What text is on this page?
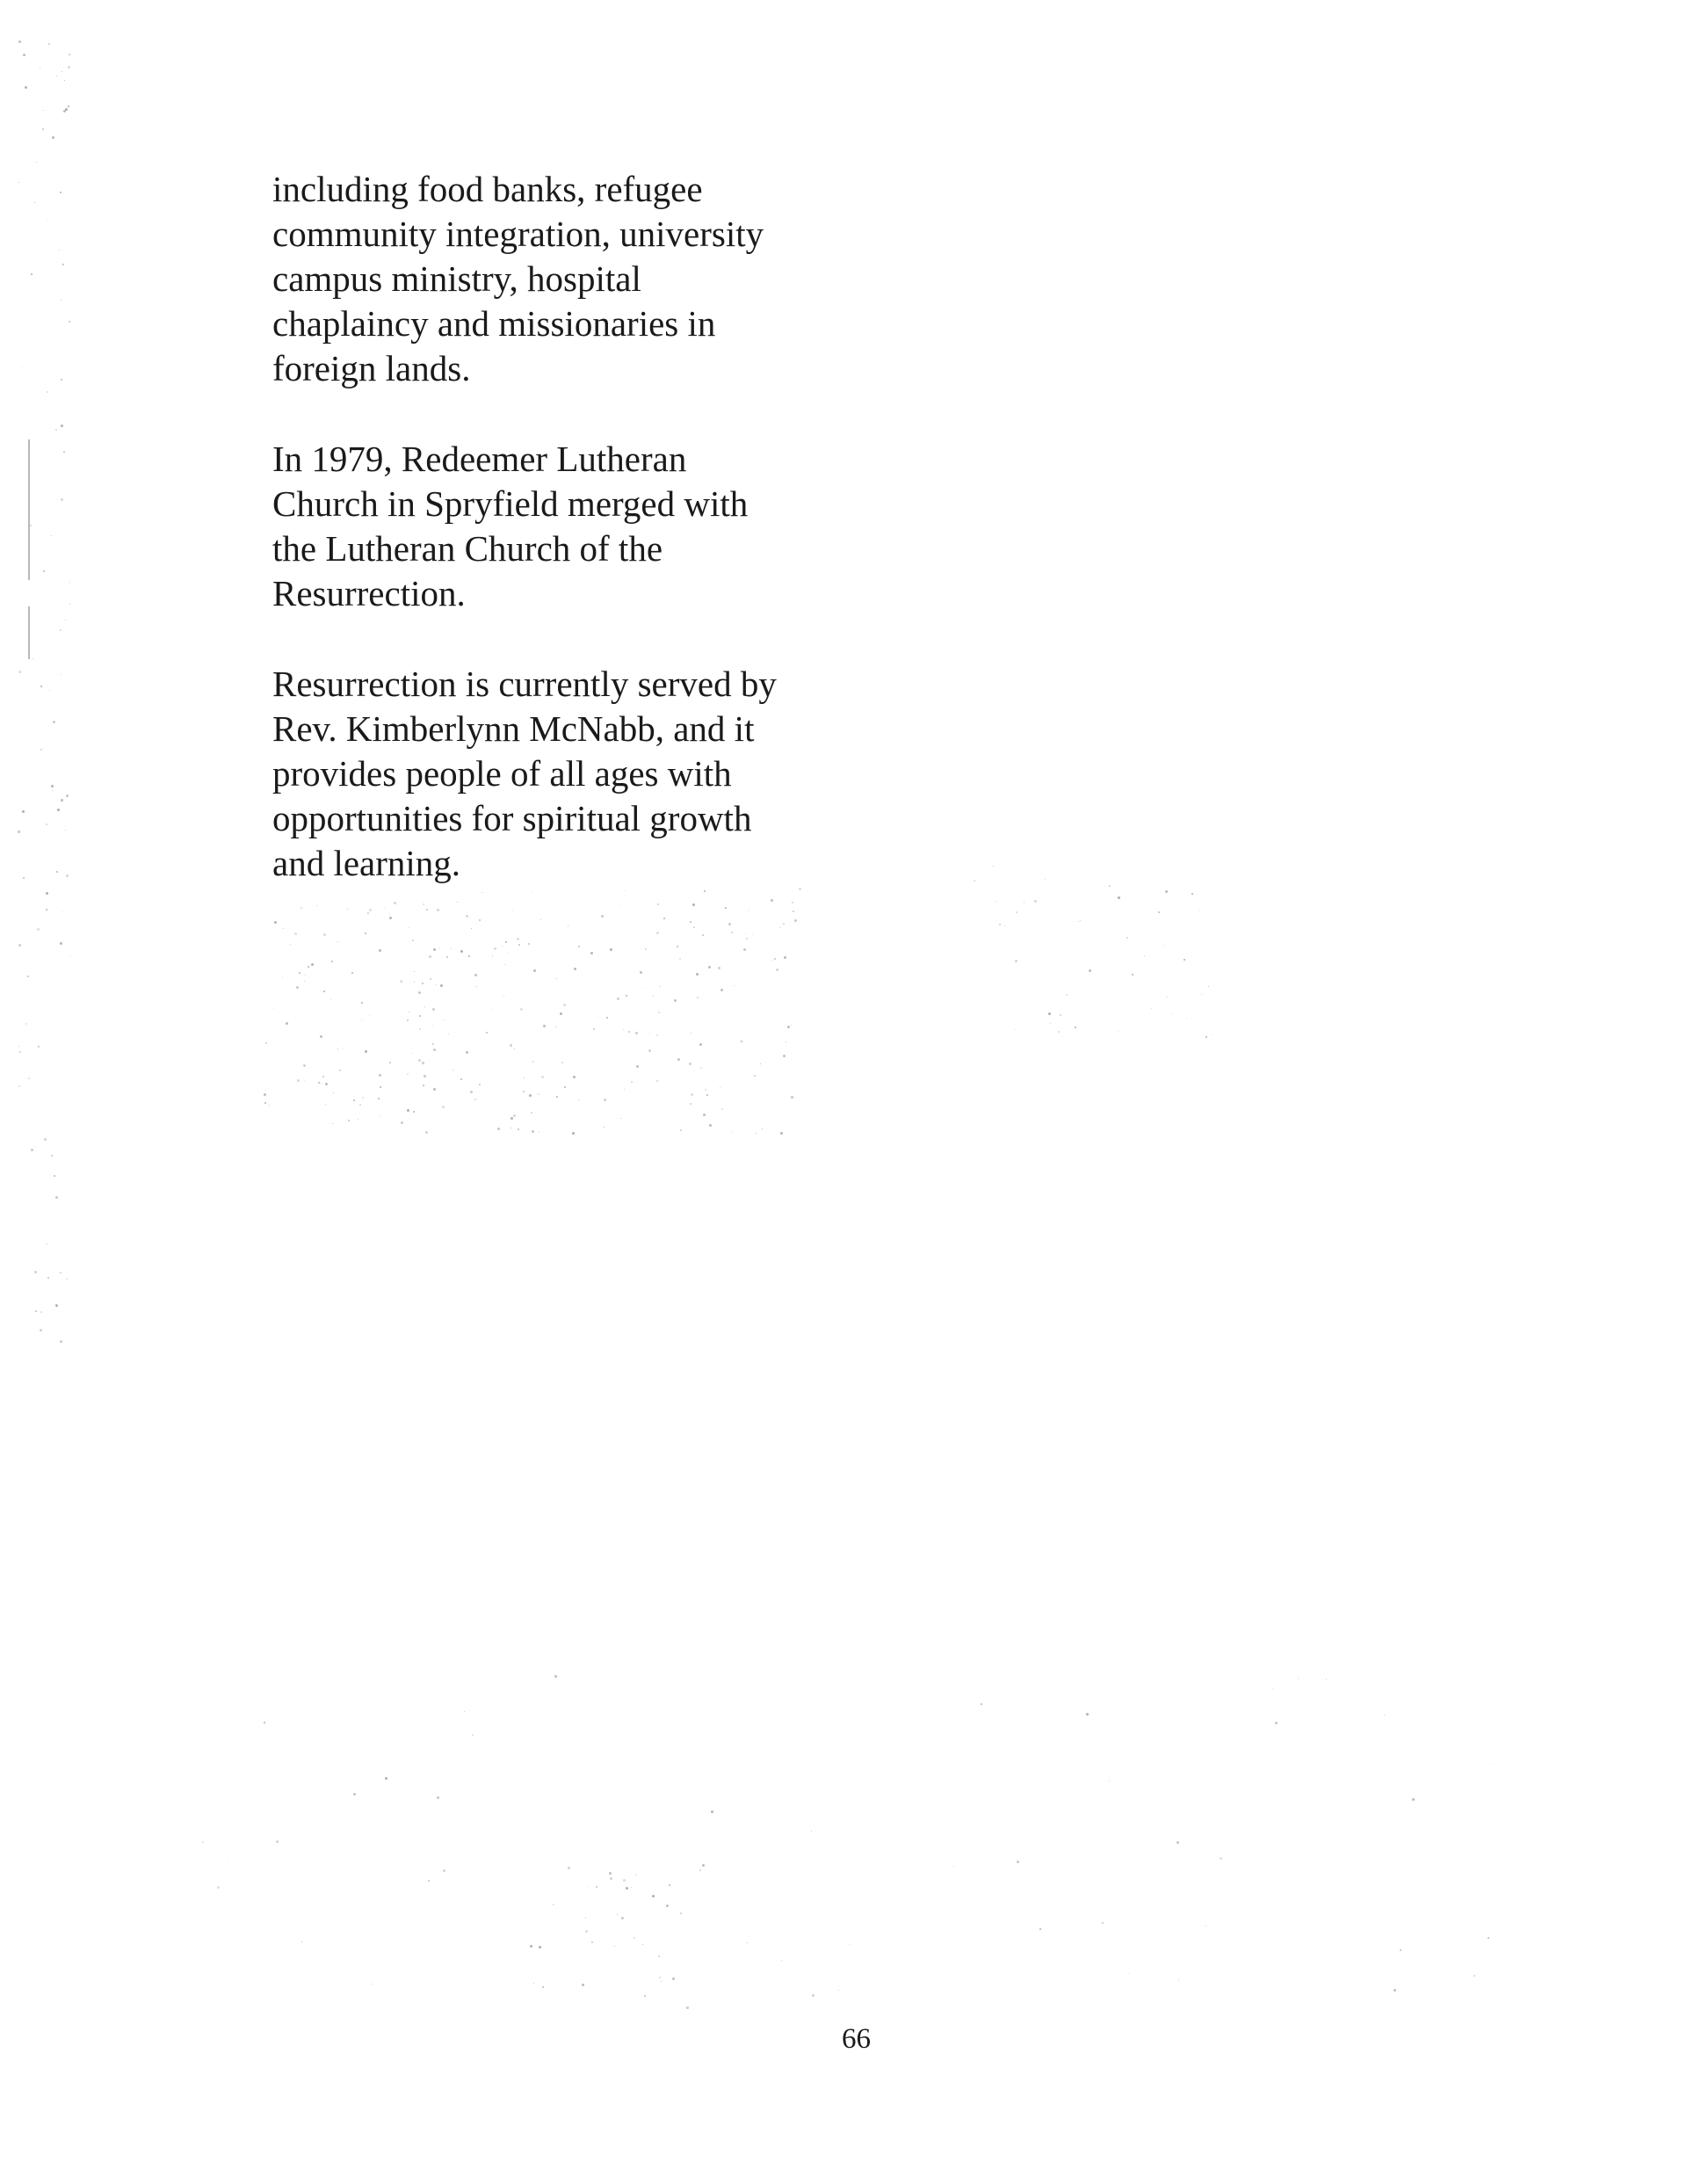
including food banks, refugee
community integration, university
campus ministry, hospital
chaplaincy and missionaries in
foreign lands.

In 1979, Redeemer Lutheran
Church in Spryfield merged with
the Lutheran Church of the
Resurrection.

Resurrection is currently served by
Rev. Kimberlynn McNabb, and it
provides people of all ages with
opportunities for spiritual growth
and learning.

66
